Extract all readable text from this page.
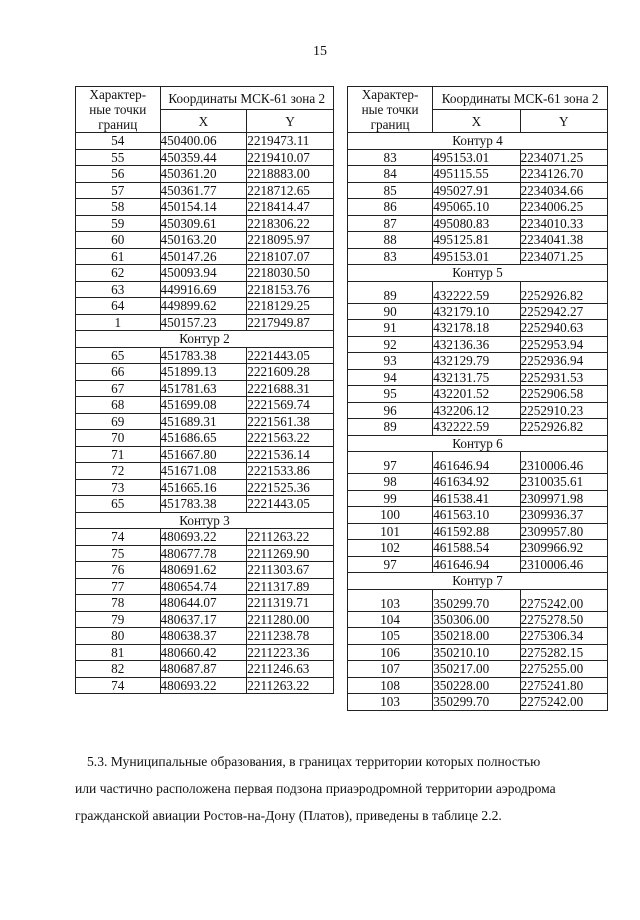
15
Характер-
ные точки
границ	Координаты МСК-61 зона 2	
	X	Y
54	450400.06	2219473.11
55	450359.44	2219410.07
56	450361.20	2218883.00
57	450361.77	2218712.65
58	450154.14	2218414.47
59	450309.61	2218306.22
60	450163.20	2218095.97
61	450147.26	2218107.07
62	450093.94	2218030.50
63	449916.69	2218153.76
64	449899.62	2218129.25
1	450157.23	2217949.87
Контур 2		
65	451783.38	2221443.05
66	451899.13	2221609.28
67	451781.63	2221688.31
68	451699.08	2221569.74
69	451689.31	2221561.38
70	451686.65	2221563.22
71	451667.80	2221536.14
72	451671.08	2221533.86
73	451665.16	2221525.36
65	451783.38	2221443.05
Контур 3		
74	480693.22	2211263.22
75	480677.78	2211269.90
76	480691.62	2211303.67
77	480654.74	2211317.89
78	480644.07	2211319.71
79	480637.17	2211280.00
80	480638.37	2211238.78
81	480660.42	2211223.36
82	480687.87	2211246.63
74	480693.22	2211263.22
Характер-
ные точки
границ	Координаты МСК-61 зона 2	
	X	Y
Контур 4		
83	495153.01	2234071.25
84	495115.55	2234126.70
85	495027.91	2234034.66
86	495065.10	2234006.25
87	495080.83	2234010.33
88	495125.81	2234041.38
83	495153.01	2234071.25
Контур 5		
89	432222.59	2252926.82
90	432179.10	2252942.27
91	432178.18	2252940.63
92	432136.36	2252953.94
93	432129.79	2252936.94
94	432131.75	2252931.53
95	432201.52	2252906.58
96	432206.12	2252910.23
89	432222.59	2252926.82
Контур 6		
97	461646.94	2310006.46
98	461634.92	2310035.61
99	461538.41	2309971.98
100	461563.10	2309936.37
101	461592.88	2309957.80
102	461588.54	2309966.92
97	461646.94	2310006.46
Контур 7		
103	350299.70	2275242.00
104	350306.00	2275278.50
105	350218.00	2275306.34
106	350210.10	2275282.15
107	350217.00	2275255.00
108	350228.00	2275241.80
103	350299.70	2275242.00
5.3. Муниципальные образования, в границах территории которых полностью
или частично расположена первая подзона приаэродромной территории аэродрома
гражданской авиации Ростов-на-Дону (Платов), приведены в таблице 2.2.
